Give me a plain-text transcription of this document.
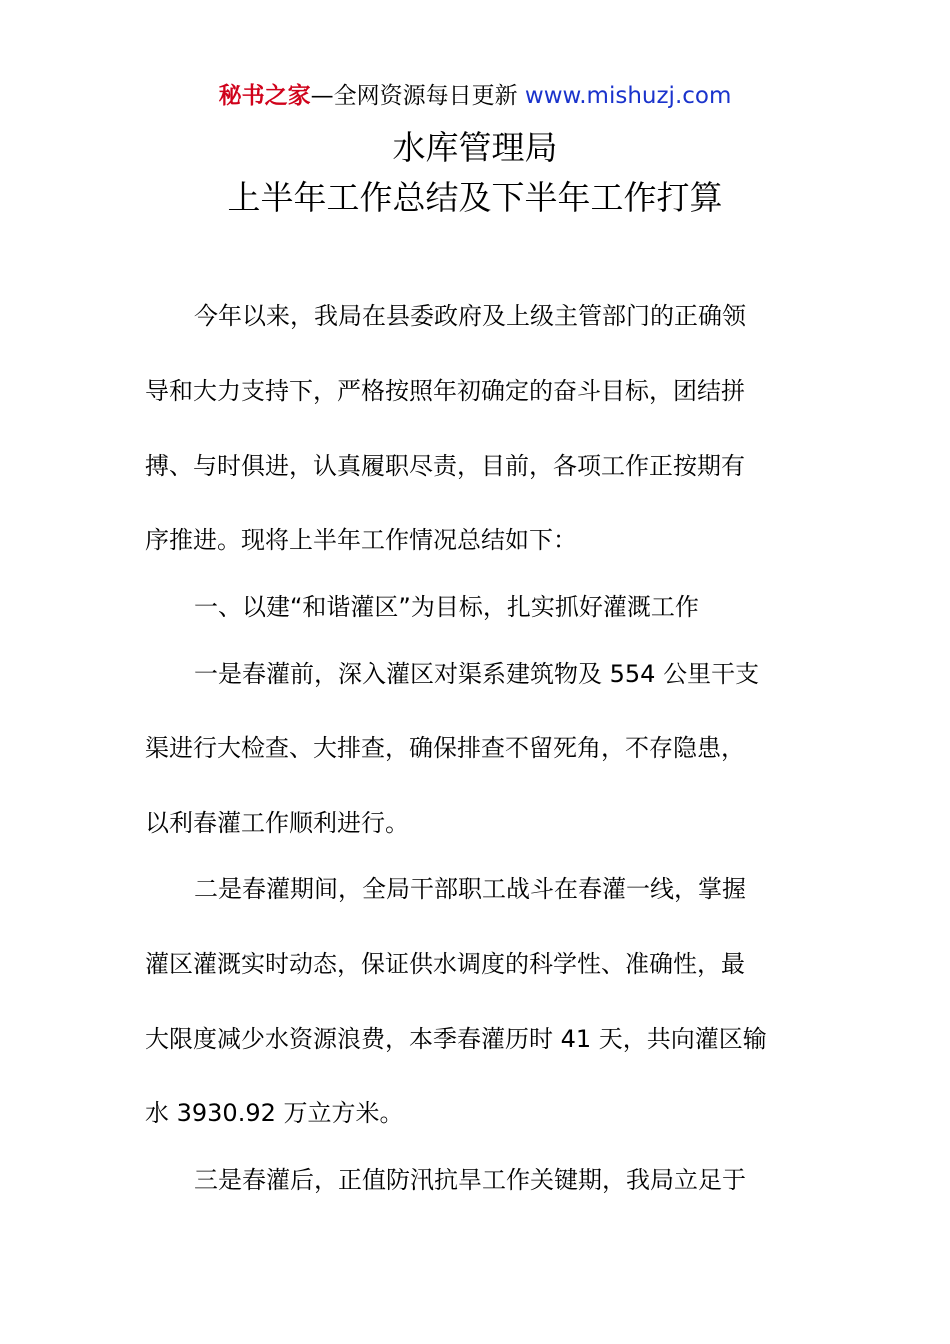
秘书之家—全网资源每日更新 www.mishuzj.com
水库管理局
上半年工作总结及下半年工作打算
今年以来，我局在县委政府及上级主管部门的正确领
导和大力支持下，严格按照年初确定的奋斗目标，团结拼
搏、与时俱进，认真履职尽责，目前，各项工作正按期有
序推进。现将上半年工作情况总结如下：
一、以建“和谐灌区”为目标，扎实抓好灌溉工作
一是春灌前，深入灌区对渠系建筑物及 554 公里干支
渠进行大检查、大排查，确保排查不留死角，不存隐患，
以利春灌工作顺利进行。
二是春灌期间，全局干部职工战斗在春灌一线，掌握
灌区灌溉实时动态，保证供水调度的科学性、准确性，最
大限度减少水资源浪费，本季春灌历时 41 天，共向灌区输
水 3930.92 万立方米。
三是春灌后，正值防汛抗旱工作关键期，我局立足于
